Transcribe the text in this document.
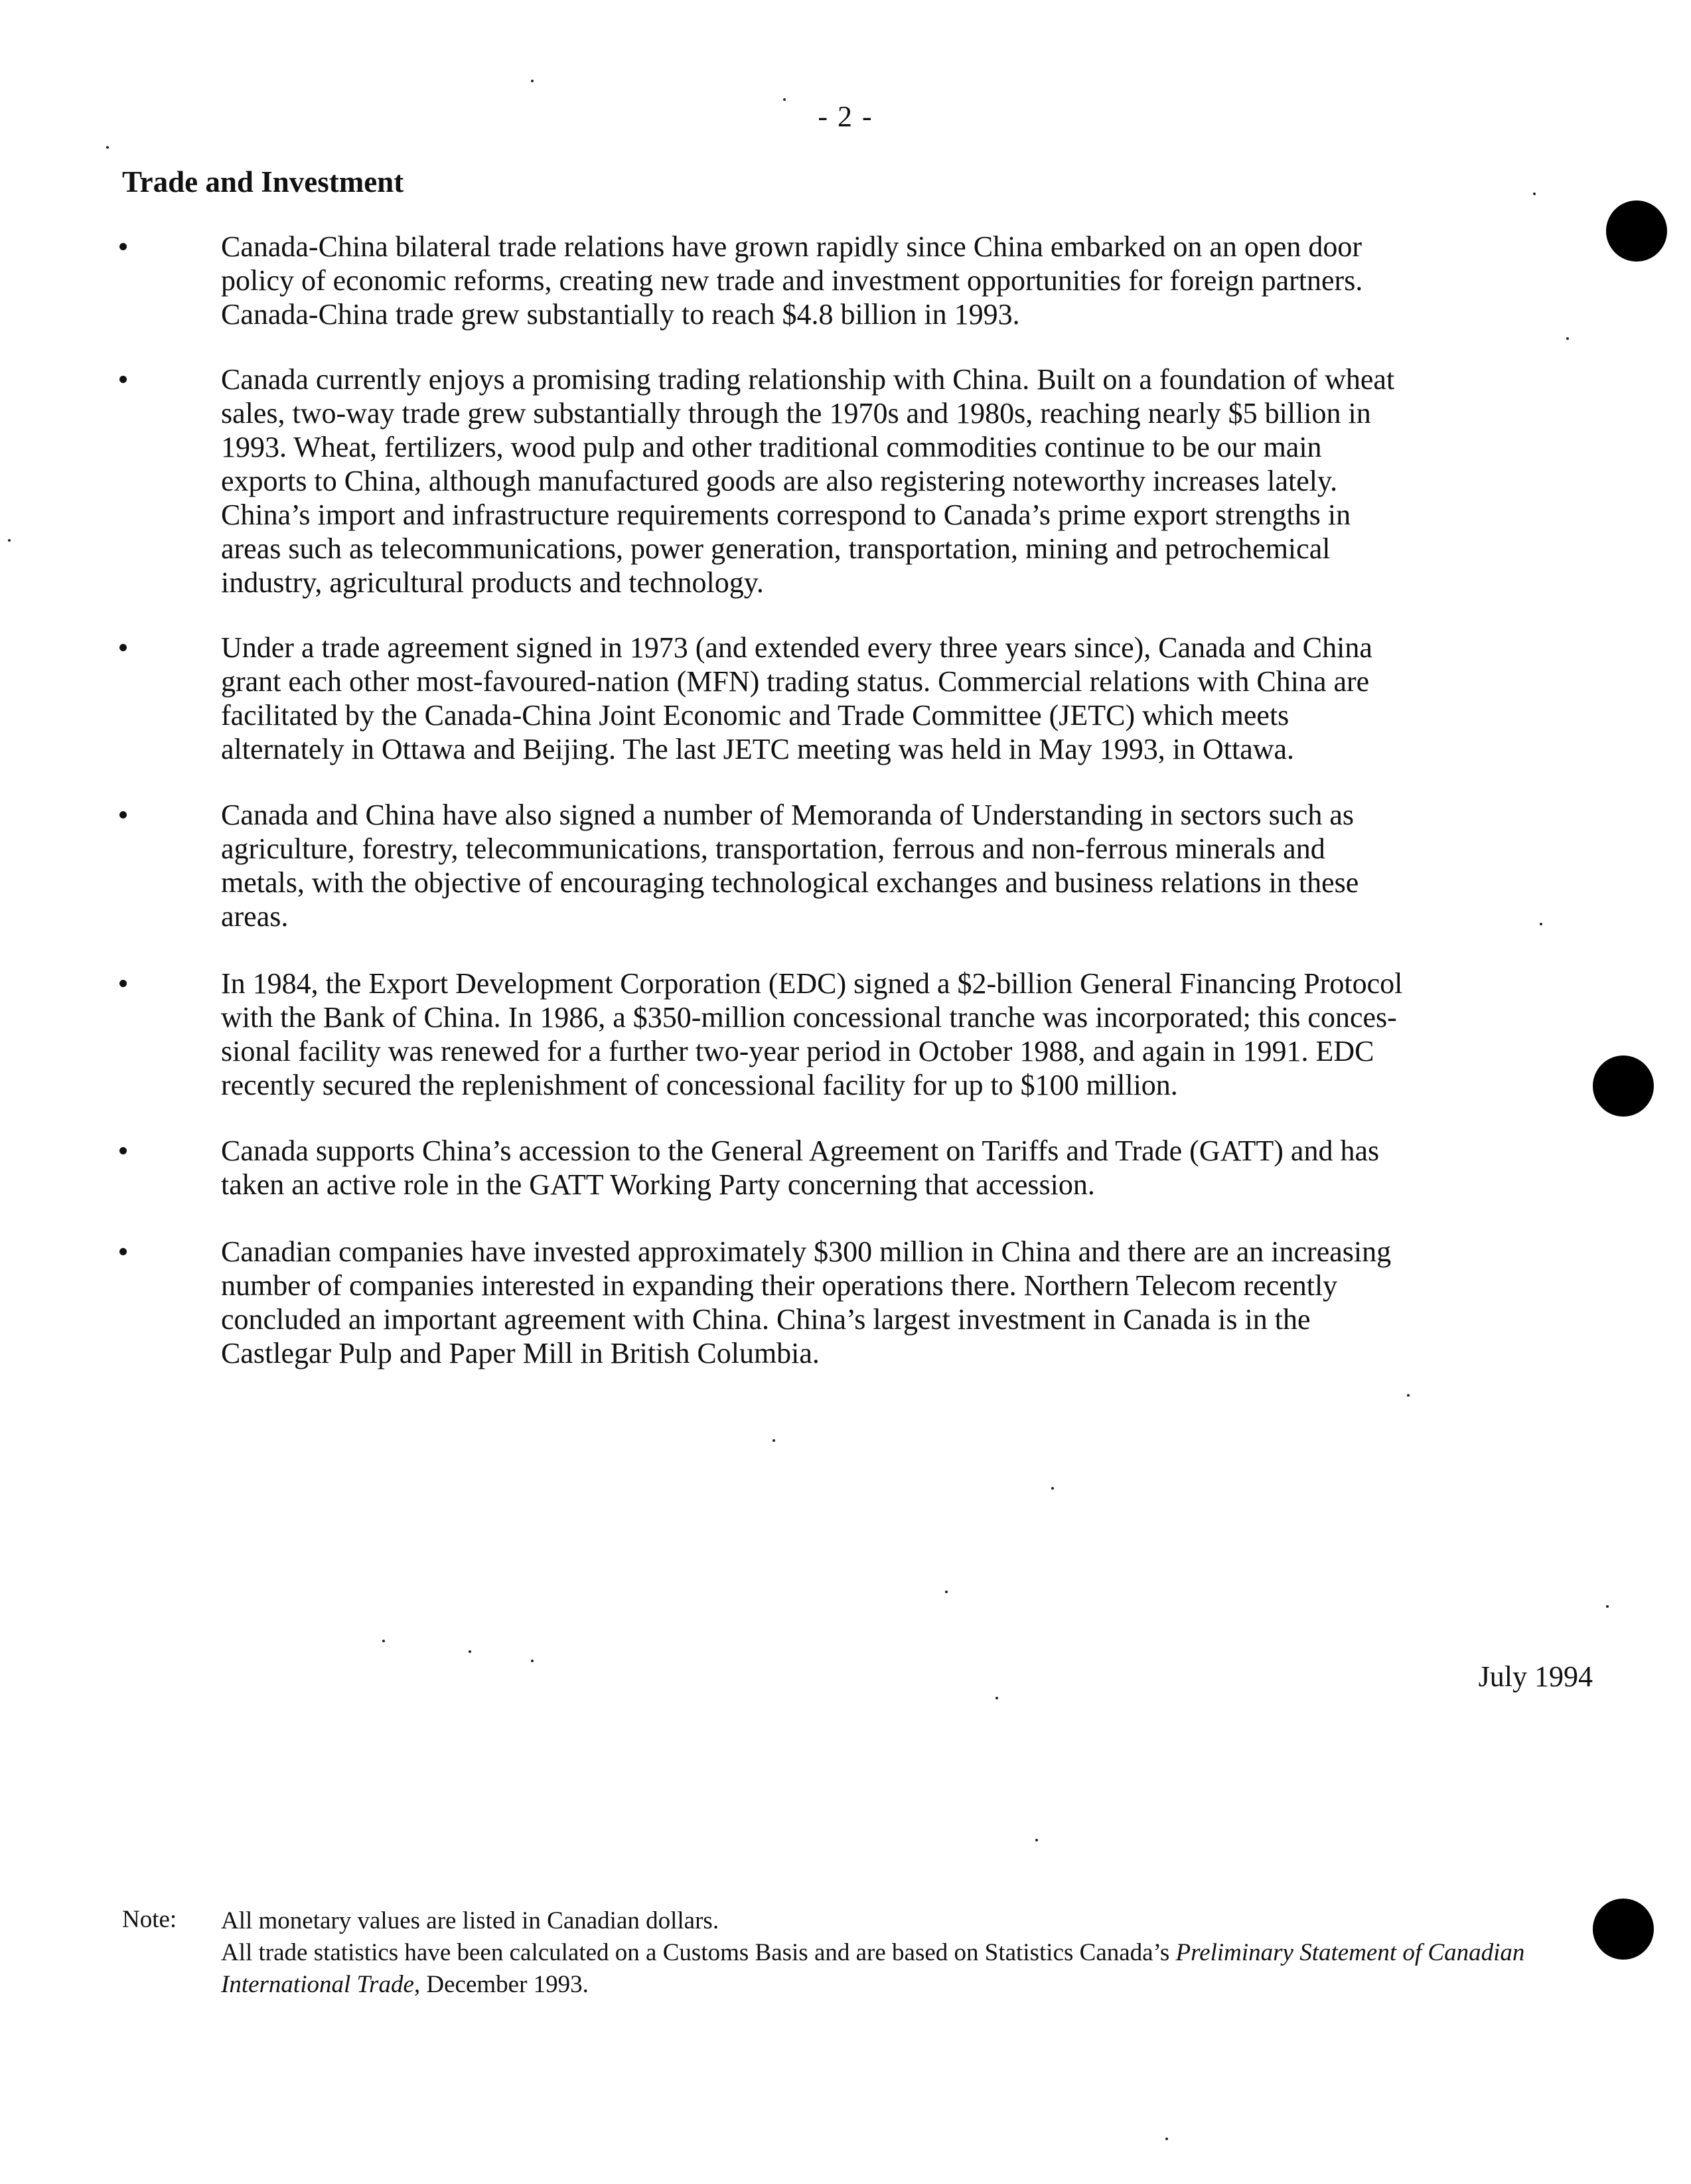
- 2 -
Trade and Investment
Canada-China bilateral trade relations have grown rapidly since China embarked on an open door
policy of economic reforms, creating new trade and investment opportunities for foreign partners.
Canada-China trade grew substantially to reach $4.8 billion in 1993.
Canada currently enjoys a promising trading relationship with China. Built on a foundation of wheat
sales, two-way trade grew substantially through the 1970s and 1980s, reaching nearly $5 billion in
1993. Wheat, fertilizers, wood pulp and other traditional commodities continue to be our main
exports to China, although manufactured goods are also registering noteworthy increases lately.
China’s import and infrastructure requirements correspond to Canada’s prime export strengths in
areas such as telecommunications, power generation, transportation, mining and petrochemical
industry, agricultural products and technology.
Under a trade agreement signed in 1973 (and extended every three years since), Canada and China
grant each other most-favoured-nation (MFN) trading status. Commercial relations with China are
facilitated by the Canada-China Joint Economic and Trade Committee (JETC) which meets
alternately in Ottawa and Beijing. The last JETC meeting was held in May 1993, in Ottawa.
Canada and China have also signed a number of Memoranda of Understanding in sectors such as
agriculture, forestry, telecommunications, transportation, ferrous and non-ferrous minerals and
metals, with the objective of encouraging technological exchanges and business relations in these
areas.
In 1984, the Export Development Corporation (EDC) signed a $2-billion General Financing Protocol
with the Bank of China. In 1986, a $350-million concessional tranche was incorporated; this conces-
sional facility was renewed for a further two-year period in October 1988, and again in 1991. EDC
recently secured the replenishment of concessional facility for up to $100 million.
Canada supports China’s accession to the General Agreement on Tariffs and Trade (GATT) and has
taken an active role in the GATT Working Party concerning that accession.
Canadian companies have invested approximately $300 million in China and there are an increasing
number of companies interested in expanding their operations there. Northern Telecom recently
concluded an important agreement with China. China’s largest investment in Canada is in the
Castlegar Pulp and Paper Mill in British Columbia.
July 1994
Note: All monetary values are listed in Canadian dollars.
All trade statistics have been calculated on a Customs Basis and are based on Statistics Canada’s Preliminary Statement of Canadian International Trade, December 1993.
